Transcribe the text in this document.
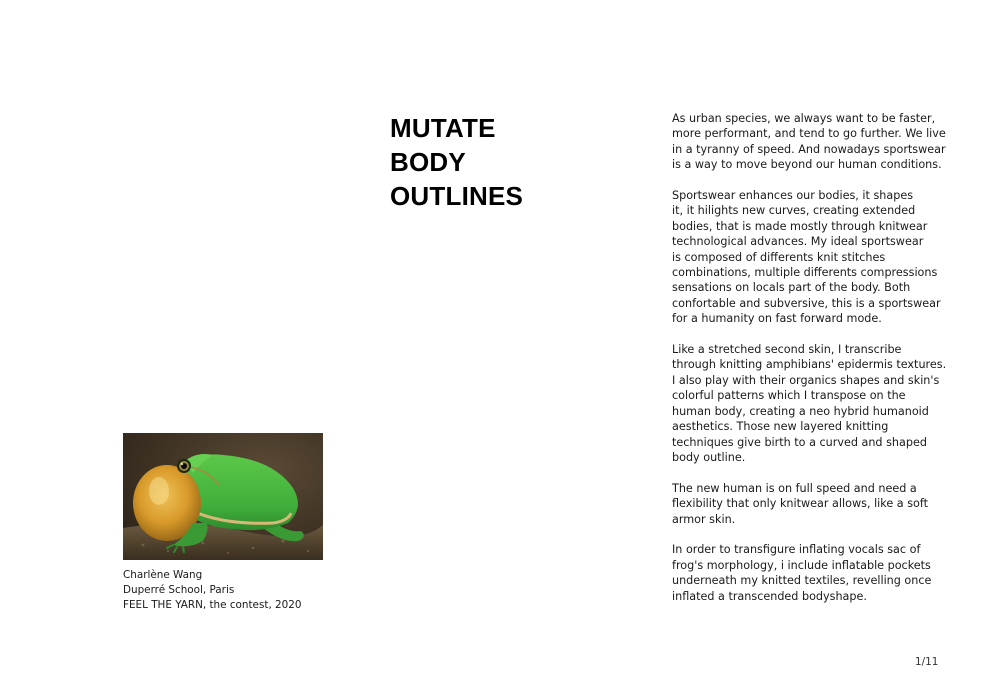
MUTATE
BODY
OUTLINES

As urban species, we always want to be faster,
more performant, and tend to go further. We live
in a tyranny of speed. And nowadays sportswear
is a way to move beyond our human conditions.

Sportswear enhances our bodies, it shapes
it, it hilights new curves, creating extended
bodies, that is made mostly through knitwear
technological advances. My ideal sportswear
is composed of differents knit stitches
combinations, multiple differents compressions
sensations on locals part of the body. Both
confortable and subversive, this is a sportswear
for a humanity on fast forward mode.

Like a stretched second skin, I transcribe
through knitting amphibians' epidermis textures.
I also play with their organics shapes and skin's
colorful patterns which I transpose on the
human body, creating a neo hybrid humanoid
aesthetics. Those new layered knitting
techniques give birth to a curved and shaped
body outline.

The new human is on full speed and need a
flexibility that only knitwear allows, like a soft
armor skin.

In order to transfigure inflating vocals sac of
frog's morphology, i include inflatable pockets
underneath my knitted textiles, revelling once
inflated a transcended bodyshape.

Charlène Wang
Duperré School, Paris
FEEL THE YARN, the contest, 2020
1/11
